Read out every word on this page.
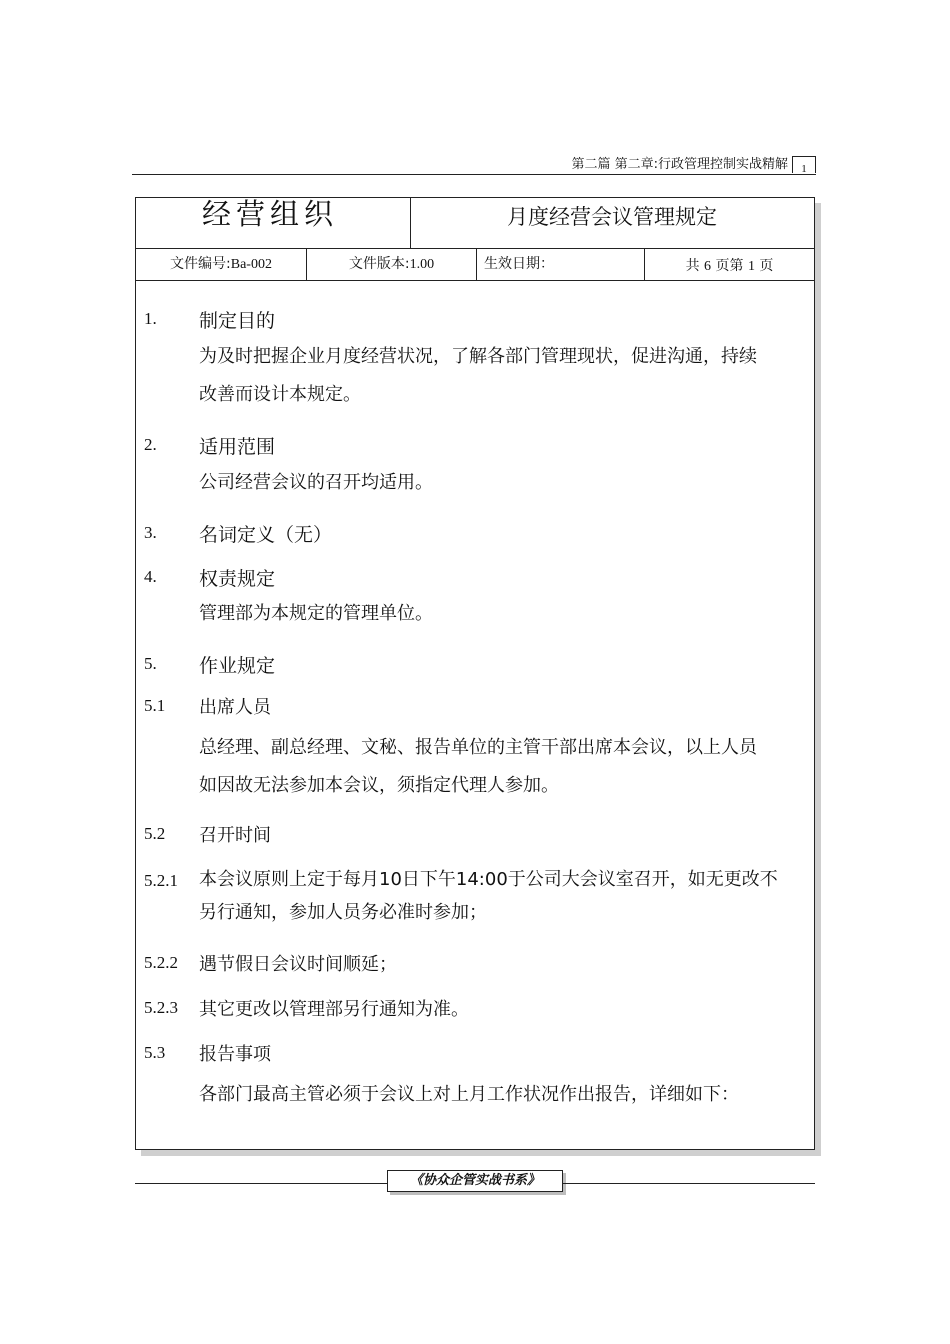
第二篇 第二章:行政管理控制实战精解	1
经营组织	月度经营会议管理规定
文件编号:Ba-002	文件版本:1.00	生效日期：	共 6 页第 1 页
1. 制定目的
为及时把握企业月度经营状况，了解各部门管理现状，促进沟通，持续
改善而设计本规定。
2. 适用范围
公司经营会议的召开均适用。
3. 名词定义（无）
4. 权责规定
管理部为本规定的管理单位。
5. 作业规定
5.1 出席人员
总经理、副总经理、文秘、报告单位的主管干部出席本会议，以上人员
如因故无法参加本会议，须指定代理人参加。
5.2 召开时间
5.2.1 本会议原则上定于每月10日下午14:00于公司大会议室召开，如无更改不
另行通知，参加人员务必准时参加；
5.2.2 遇节假日会议时间顺延；
5.2.3 其它更改以管理部另行通知为准。
5.3 报告事项
各部门最高主管必须于会议上对上月工作状况作出报告，详细如下：
《协众企管实战书系》
